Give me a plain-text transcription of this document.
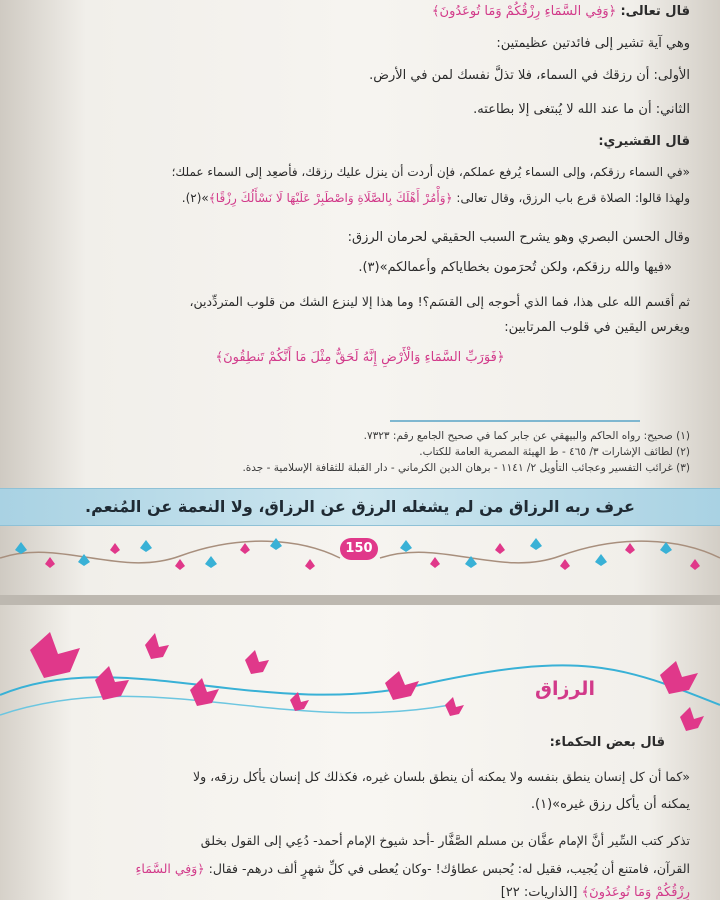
قال تعالى: ﴿وَفِي السَّمَاءِ رِزْقُكُمْ وَمَا تُوعَدُونَ﴾
وهي آية تشير إلى فائدتين عظيمتين:
الأولى: أن رزقك في السماء، فلا تذلَّ نفسك لمن في الأرض.
الثاني: أن ما عند الله لا يُبتغى إلا بطاعته.
قال القشيري:
«في السماء رزقكم، وإلى السماء يُرفع عملكم، فإن أردت أن ينزل عليك رزقك، فأصعِد إلى السماء عملك؛
ولهذا قالوا: الصلاة قرع باب الرزق، وقال تعالى: ﴿وَأْمُرْ أَهْلَكَ بِالصَّلَاةِ وَاصْطَبِرْ عَلَيْهَا لَا نَسْأَلُكَ رِزْقًا﴾»(٢).
وقال الحسن البصري وهو يشرح السبب الحقيقي لحرمان الرزق:
«فيها والله رزقكم، ولكن تُحرَمون بخطاياكم وأعمالكم»(٣).
ثم أقسم الله على هذا، فما الذي أحوجه إلى القسَم؟! وما هذا إلا لينزع الشك من قلوب المتردِّدين،
ويغرس اليقين في قلوب المرتابين:
﴿فَوَرَبِّ السَّمَاءِ وَالْأَرْضِ إِنَّهُ لَحَقٌّ مِثْلَ مَا أَنَّكُمْ تَنطِقُونَ﴾
(١) صحيح: رواه الحاكم والبيهقي عن جابر كما في صحيح الجامع رقم: ٧٣٢٣.
(٢) لطائف الإشارات ٣/ ٤٦٥ - ط الهيئة المصرية العامة للكتاب.
(٣) غرائب التفسير وعجائب التأويل ٢/ ١١٤١ - برهان الدين الكرماني - دار القبلة للثقافة الإسلامية - جدة.
عرف ربه الرزاق من لم يشغله الرزق عن الرزاق، ولا النعمة عن المُنعم.
150
الرزاق
قال بعض الحكماء:
«كما أن كل إنسان ينطق بنفسه ولا يمكنه أن ينطق بلسان غيره، فكذلك كل إنسان يأكل رزقه، ولا
يمكنه أن يأكل رزق غيره»(١).
تذكر كتب السِّير أنَّ الإمام عفَّان بن مسلم الصَّفَّار -أحد شيوخ الإمام أحمد- دُعِي إلى القول بخلق
القرآن، فامتنع أن يُجيب، فقيل له: يُحبس عطاؤك! -وكان يُعطى في كلِّ شهرٍ ألف درهم- فقال: ﴿وَفِي السَّمَاءِ
رِزْقُكُمْ وَمَا تُوعَدُونَ﴾ [الذاريات: ٢٢]
